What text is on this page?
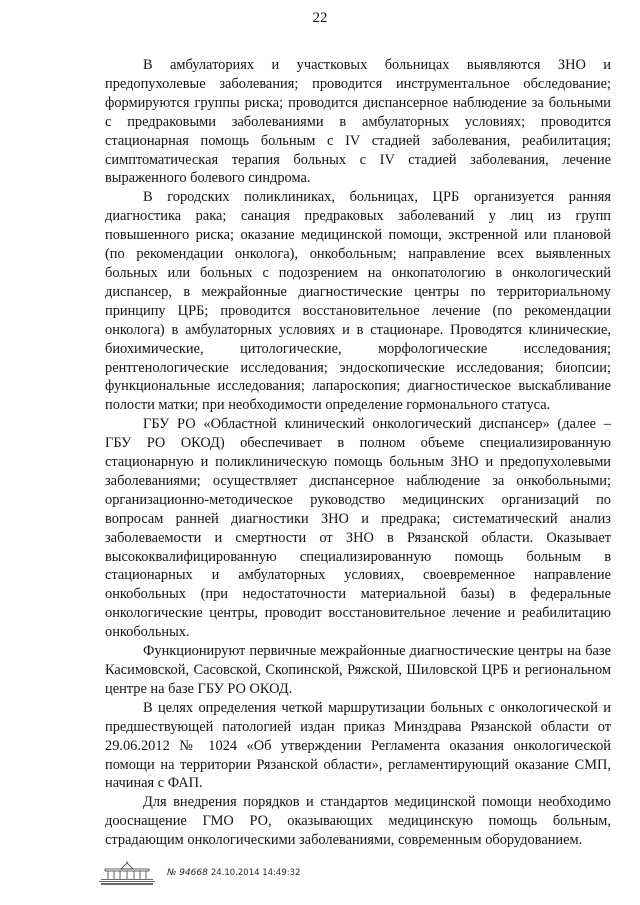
22

В амбулаториях и участковых больницах выявляются ЗНО и предопухолевые заболевания; проводится инструментальное обследование; формируются группы риска; проводится диспансерное наблюдение за больными с предраковыми заболеваниями в амбулаторных условиях; проводится стационарная помощь больным с IV стадией заболевания, реабилитация; симптоматическая терапия больных с IV стадией заболевания, лечение выраженного болевого синдрома.

В городских поликлиниках, больницах, ЦРБ организуется ранняя диагностика рака; санация предраковых заболеваний у лиц из групп повышенного риска; оказание медицинской помощи, экстренной или плановой (по рекомендации онколога), онкобольным; направление всех выявленных больных или больных с подозрением на онкопатологию в онкологический диспансер, в межрайонные диагностические центры по территориальному принципу ЦРБ; проводится восстановительное лечение (по рекомендации онколога) в амбулаторных условиях и в стационаре. Проводятся клинические, биохимические, цитологические, морфологические исследования; рентгенологические исследования; эндоскопические исследования; биопсии; функциональные исследования; лапароскопия; диагностическое выскабливание полости матки; при необходимости определение гормонального статуса.

ГБУ РО «Областной клинический онкологический диспансер» (далее – ГБУ РО ОКОД) обеспечивает в полном объеме специализированную стационарную и поликлиническую помощь больным ЗНО и предопухолевыми заболеваниями; осуществляет диспансерное наблюдение за онкобольными; организационно-методическое руководство медицинских организаций по вопросам ранней диагностики ЗНО и предрака; систематический анализ заболеваемости и смертности от ЗНО в Рязанской области. Оказывает высококвалифицированную специализированную помощь больным в стационарных и амбулаторных условиях, своевременное направление онкобольных (при недостаточности материальной базы) в федеральные онкологические центры, проводит восстановительное лечение и реабилитацию онкобольных.

Функционируют первичные межрайонные диагностические центры на базе Касимовской, Сасовской, Скопинской, Ряжской, Шиловской ЦРБ и региональном центре на базе ГБУ РО ОКОД.

В целях определения четкой маршрутизации больных с онкологической и предшествующей патологией издан приказ Минздрава Рязанской области от 29.06.2012 № 1024 «Об утверждении Регламента оказания онкологической помощи на территории Рязанской области», регламентирующий оказание СМП, начиная с ФАП.

Для внедрения порядков и стандартов медицинской помощи необходимо дооснащение ГМО РО, оказывающих медицинскую помощь больным, страдающим онкологическими заболеваниями, современным оборудованием.

№ 94668 24.10.2014 14:49:32
